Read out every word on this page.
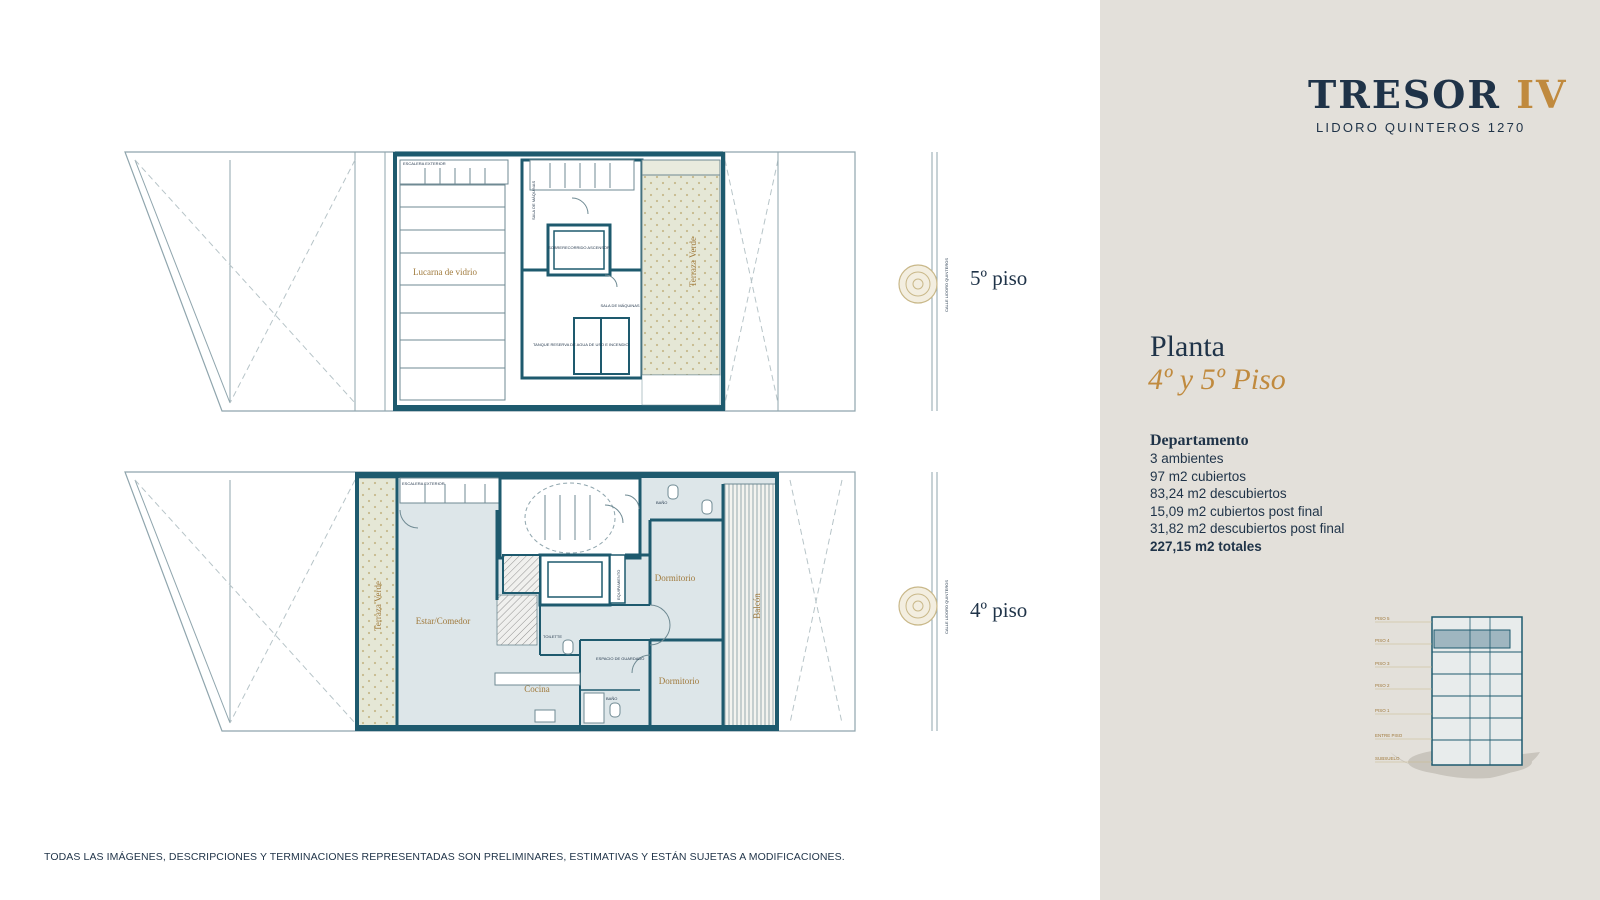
Lucarna de vidrio	Terraza Verde
ESCALERA EXTERIOR
SALA DE MÁQUINAS
SOBRERECORRIDO ASCENSOR
SALA DE MÁQUINAS
TANQUE RESERVA DE AGUA DE USO E INCENDIO
CALLE LIDORO QUINTEROS 5º piso
Estar/Comedor
Dormitorio
Dormitorio
Cocina
Balcón
Terraza Verde
ESCALERA EXTERIOR
TOILETTE
BAÑO
BAÑO
ESPACIO DE GUARDADO
EQUIPAMIENTO	CALLE LIDORO QUINTEROS 4º piso
TRESOR IV
LIDORO QUINTEROS 1270
Planta
4º y 5º Piso
Departamento
3 ambientes
97 m2 cubiertos
83,24 m2 descubiertos
15,09 m2 cubiertos post final
31,82 m2 descubiertos post final
227,15 m2 totales
PISO 5
PISO 4
PISO 3
PISO 2
PISO 1
ENTRE PISO
SUBSUELO
TODAS LAS IMÁGENES, DESCRIPCIONES Y TERMINACIONES REPRESENTADAS SON PRELIMINARES, ESTIMATIVAS Y ESTÁN SUJETAS A MODIFICACIONES.
